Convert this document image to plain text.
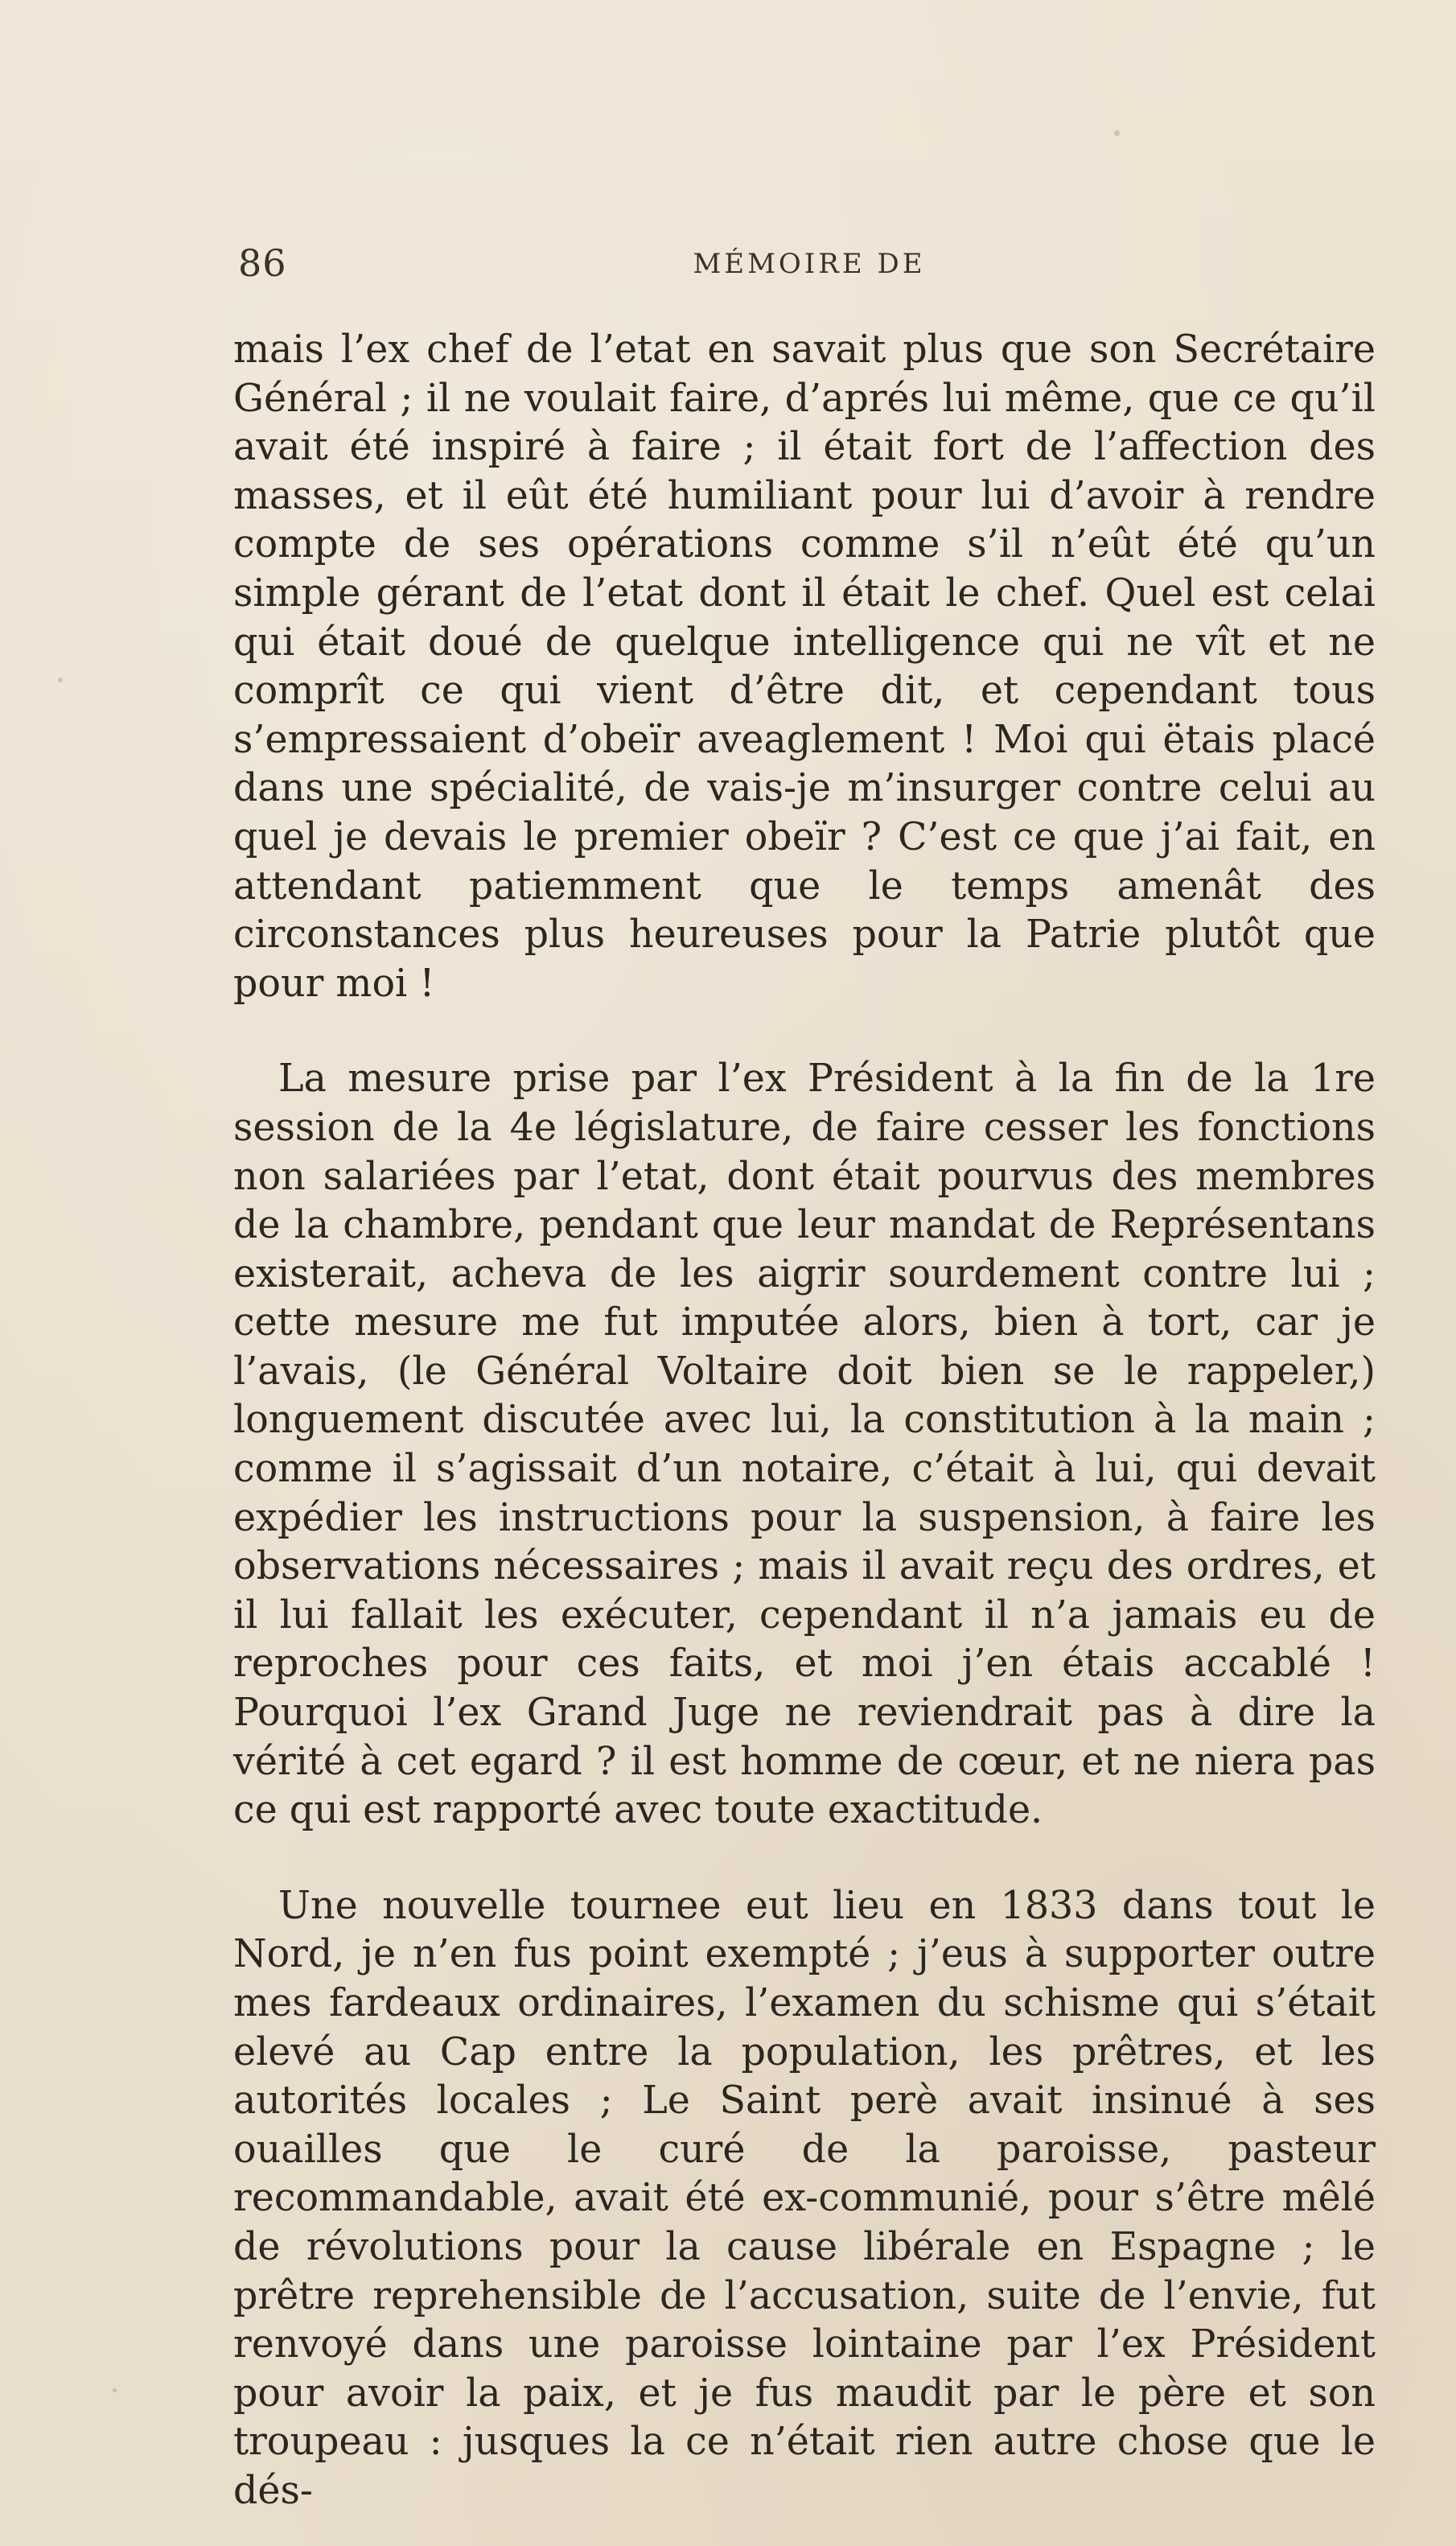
86	MÉMOIRE DE

mais l’ex chef de l’etat en savait plus que son Secrétaire Général ; il ne voulait faire, d’aprés lui même, que ce qu’il avait été inspiré à faire ; il était fort de l’affection des masses, et il eût été humiliant pour lui d’avoir à rendre compte de ses opérations comme s’il n’eût été qu’un simple gérant de l’etat dont il était le chef. Quel est celai qui était doué de quelque intelligence qui ne vît et ne comprît ce qui vient d’être dit, et cependant tous s’empressaient d’obeïr aveaglement ! Moi qui ëtais placé dans une spécialité, de vais-je m’insurger contre celui au quel je devais le premier obeïr ? C’est ce que j’ai fait, en attendant patiemment que le temps amenât des circonstances plus heureuses pour la Patrie plutôt que pour moi !

La mesure prise par l’ex Président à la fin de la 1re session de la 4e législature, de faire cesser les fonctions non salariées par l’etat, dont était pourvus des membres de la chambre, pendant que leur mandat de Représentans existerait, acheva de les aigrir sourdement contre lui ; cette mesure me fut imputée alors, bien à tort, car je l’avais, (le Général Voltaire doit bien se le rappeler,) longuement discutée avec lui, la constitution à la main ; comme il s’agissait d’un notaire, c’était à lui, qui devait expédier les instructions pour la suspension, à faire les observations nécessaires ; mais il avait reçu des ordres, et il lui fallait les exécuter, cependant il n’a jamais eu de reproches pour ces faits, et moi j’en étais accablé ! Pourquoi l’ex Grand Juge ne reviendrait pas à dire la vérité à cet egard ? il est homme de cœur, et ne niera pas ce qui est rapporté avec toute exactitude.

Une nouvelle tournee eut lieu en 1833 dans tout le Nord, je n’en fus point exempté ; j’eus à supporter outre mes fardeaux ordinaires, l’examen du schisme qui s’était elevé au Cap entre la population, les prêtres, et les autorités locales ; Le Saint perè avait insinué à ses ouailles que le curé de la paroisse, pasteur recommandable, avait été ex-communié, pour s’être mêlé de révolutions pour la cause libérale en Espagne ; le prêtre reprehensible de l’accusation, suite de l’envie, fut renvoyé dans une paroisse lointaine par l’ex Président pour avoir la paix, et je fus maudit par le père et son troupeau : jusques la ce n’était rien autre chose que le dés-
